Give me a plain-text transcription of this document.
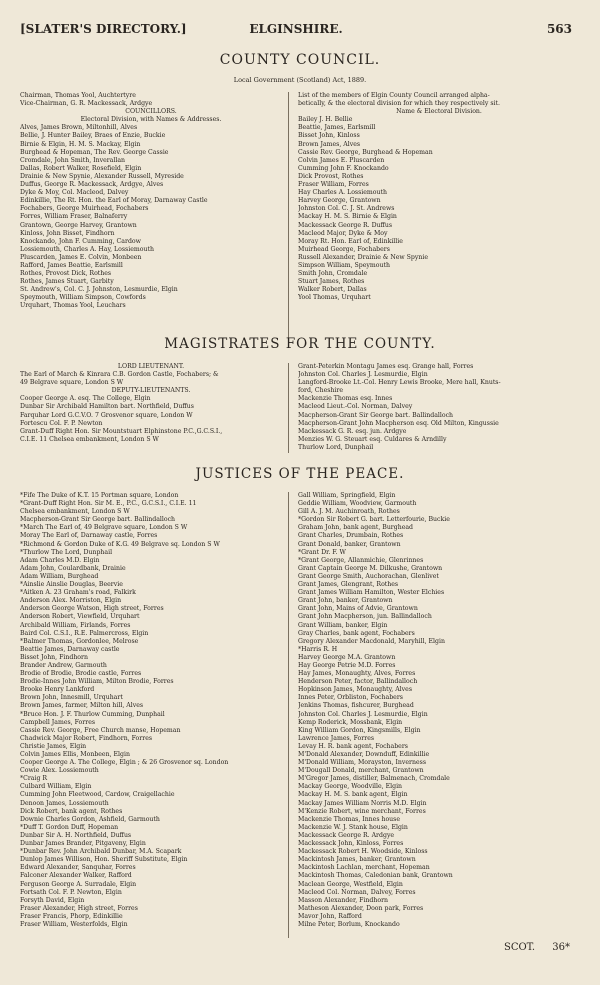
[SLATER'S DIRECTORY.]	ELGINSHIRE.	563
COUNTY COUNCIL.
Local Government (Scotland) Act, 1889.
Chairman, Thomas Yool, Auchtertyre
Vice-Chairman, G. R. Mackessack, Ardgye
COUNCILLORS.
Electoral Division, with Names & Addresses.
Alves, James Brown, Miltonhill, Alves
Bellie, J. Hunter Bailey, Braes of Enzie, Buckie
Birnie & Elgin, H. M. S. Mackay, Elgin
Burghead & Hopeman, The Rev. George Cassie
Cromdale, John Smith, Inverallan
Dallas, Robert Walker, Rosefield, Elgin
Drainie & New Spynie, Alexander Russell, Myreside
Duffus, George R. Mackessack, Ardgye, Alves
Dyke & Moy, Col. Macleod, Dalvey
Edinkillie, The Rt. Hon. the Earl of Moray, Darnaway Castle
Fochabers, George Muirhead, Fochabers
Forres, William Fraser, Balnaferry
Grantown, George Harvey, Grantown
Kinloss, John Bisset, Findhorn
Knockando, John F. Cumming, Cardow
Lossiemouth, Charles A. Hay, Lossiemouth
Pluscarden, James E. Colvin, Monbeen
Rafford, James Beattie, Earlsmill
Rothes, Provost Dick, Rothes
Rothes, James Stuart, Garbity
St. Andrew's, Col. C. J. Johnston, Lesmurdie, Elgin
Speymouth, William Simpson, Cowfords
Urquhart, Thomas Yool, Leuchars
List of the members of Elgin County Council arranged alpha-
betically, & the electoral division for which they respectively sit.
Name & Electoral Division.
Bailey J. H. Bellie
Beattie, James, Earlsmill
Bisset John, Kinloss
Brown James, Alves
Cassie Rev. George, Burghead & Hopeman
Colvin James E. Pluscarden
Cumming John F. Knockando
Dick Provost, Rothes
Fraser William, Forres
Hay Charles A. Lossiemouth
Harvey George, Grantown
Johnston Col. C. J. St. Andrews
Mackay H. M. S. Birnie & Elgin
Mackessack George R. Duffus
Macleod Major, Dyke & Moy
Moray Rt. Hon. Earl of, Edinkillie
Muirhead George, Fochabers
Russell Alexander, Drainie & New Spynie
Simpson William, Speymouth
Smith John, Cromdale
Stuart James, Rothes
Walker Robert, Dallas
Yool Thomas, Urquhart
MAGISTRATES FOR THE COUNTY.
LORD LIEUTENANT.
The Earl of March & Kinrara C.B. Gordon Castle, Fochabers; &
49 Belgrave square, London S W
DEPUTY-LIEUTENANTS.
Cooper George A. esq. The College, Elgin
Dunbar Sir Archibald Hamilton bart. Northfield, Duffus
Farquhar Lord G.C.V.O. 7 Grosvenor square, London W
Fortescu Col. F. P. Newton
Grant-Duff Right Hon. Sir Mountstuart Elphinstone P.C.,G.C.S.I.,
C.I.E. 11 Chelsea embankment, London S W
Grant-Peterkin Montagu James esq. Grange hall, Forres
Johnston Col. Charles J. Lesmurdie, Elgin
Langford-Brooke Lt.-Col. Henry Lewis Brooke, Mere hall, Knuts-
ford, Cheshire
Mackenzie Thomas esq. Innes
Macleod Lieut.-Col. Norman, Dalvey
Macpherson-Grant Sir George bart. Ballindalloch
Macpherson-Grant John Macpherson esq. Old Milton, Kingussie
Mackessack G. R. esq. jun. Ardgye
Menzies W. G. Steuart esq. Culdares & Arndilly
Thurlow Lord, Dunphail
JUSTICES OF THE PEACE.
*Fife The Duke of K.T. 15 Portman square, London
*Grant-Duff Right Hon. Sir M. E., P.C., G.C.S.I., C.I.E. 11
Chelsea embankment, London S W
Macpherson-Grant Sir George bart. Ballindalloch
*March The Earl of, 49 Belgrave square, London S W
Moray The Earl of, Darnaway castle, Forres
*Richmond & Gordon Duke of K.G. 49 Belgrave sq. London S W
*Thurlow The Lord, Dunphail
Adam Charles M.D. Elgin
Adam John, Coulardbank, Drainie
Adam William, Burghead
*Ainslie Ainslie Douglas, Beervie
*Aitken A. 23 Graham's road, Falkirk
Anderson Alex. Morriston, Elgin
Anderson George Watson, High street, Forres
Anderson Robert, Viewfield, Urquhart
Archibald William, Firlands, Forres
Baird Col. C.S.I., R.E. Palmercross, Elgin
*Balmer Thomas, Gordonlee, Melrose
Beattie James, Darnaway castle
Bisset John, Findhorn
Brander Andrew, Garmouth
Brodie of Brodie, Brodie castle, Forres
Brodie-Innes John William, Milton Brodie, Forres
Brooke Henry Lankford
Brown John, Innesmill, Urquhart
Brown James, farmer, Milton hill, Alves
*Bruce Hon. J. F. Thurlow Cumming, Dunphail
Campbell James, Forres
Cassie Rev. George, Free Church manse, Hopeman
Chadwick Major Robert, Findhorn, Forres
Christie James, Elgin
Colvin James Ellis, Monbeen, Elgin
Cooper George A. The College, Elgin ; & 26 Grosvenor sq. London
Cowie Alex. Lossiemouth
*Craig R
Culbard William, Elgin
Cumming John Fleetwood, Cardow, Craigellachie
Denoon James, Lossiemouth
Dick Robert, bank agent, Rothes
Downie Charles Gordon, Ashfield, Garmouth
*Duff T. Gordon Duff, Hopeman
Dunbar Sir A. H. Northfield, Duffus
Dunbar James Brander, Pitgaveny, Elgin
*Dunbar Rev. John Archibald Dunbar, M.A. Scapark
Dunlop James Willison, Hon. Sheriff Substitute, Elgin
Edward Alexander, Sanquhar, Forres
Falconer Alexander Walker, Rafford
Ferguson George A. Surradale, Elgin
Fortsath Col. F. P. Newton, Elgin
Forsyth David, Elgin
Fraser Alexander, High street, Forres
Fraser Francis, Phorp, Edinkillie
Fraser William, Westerfolds, Elgin
Gall William, Springfield, Elgin
Geddie William, Woodview, Garmouth
Gill A. J. M. Auchinroath, Rothes
*Gordon Sir Robert G. bart. Letterfourie, Buckie
Graham John, bank agent, Burghead
Grant Charles, Drumbain, Rothes
Grant Donald, banker, Grantown
*Grant Dr. F. W
*Grant George, Allanmichie, Glenrinnes
Grant Captain George M. Dilkushe, Grantown
Grant George Smith, Auchorachan, Glenlivet
Grant James, Glengrant, Rothes
Grant James William Hamilton, Wester Elchies
Grant John, banker, Grantown
Grant John, Mains of Advie, Grantown
Grant John Macpherson, jun. Ballindalloch
Grant William, banker, Elgin
Gray Charles, bank agent, Fochabers
Gregory Alexander Macdonald, Maryhill, Elgin
*Harris R. H
Harvey George M.A. Grantown
Hay George Petrie M.D. Forres
Hay James, Monaughty, Alves, Forres
Henderson Peter, factor, Ballindalloch
Hopkinson James, Monaughty, Alves
Innes Peter, Orbliston, Fochabers
Jenkins Thomas, fishcurer, Burghead
Johnston Col. Charles J. Lesmurdie, Elgin
Kemp Roderick, Mossbank, Elgin
King William Gordon, Kingsmills, Elgin
Lawrence James, Forres
Levay H. R. bank agent, Fochabers
M'Donald Alexander, Downduff, Edinkillie
M'Donald William, Morayston, Inverness
M'Dougall Donald, merchant, Grantown
M'Gregor James, distiller, Balmenach, Cromdale
Mackay George, Woodville, Elgin
Mackay H. M. S. bank agent, Elgin
Mackay James William Norris M.D. Elgin
M'Kenzie Robert, wine merchant, Forres
Mackenzie Thomas, Innes house
Mackenzie W. J. Stank house, Elgin
Mackessack George R. Ardgye
Mackessack John, Kinloss, Forres
Mackessack Robert H. Woodside, Kinloss
Mackintosh James, banker, Grantown
Mackintosh Lachlan, merchant, Hopeman
Mackintosh Thomas, Caledonian bank, Grantown
Maclean George, Westfield, Elgin
Macleod Col. Norman, Dalvey, Forres
Masson Alexander, Findhorn
Matheson Alexander, Doon park, Forres
Mavor John, Rafford
Milne Peter, Borlum, Knockando
SCOT. 36*
